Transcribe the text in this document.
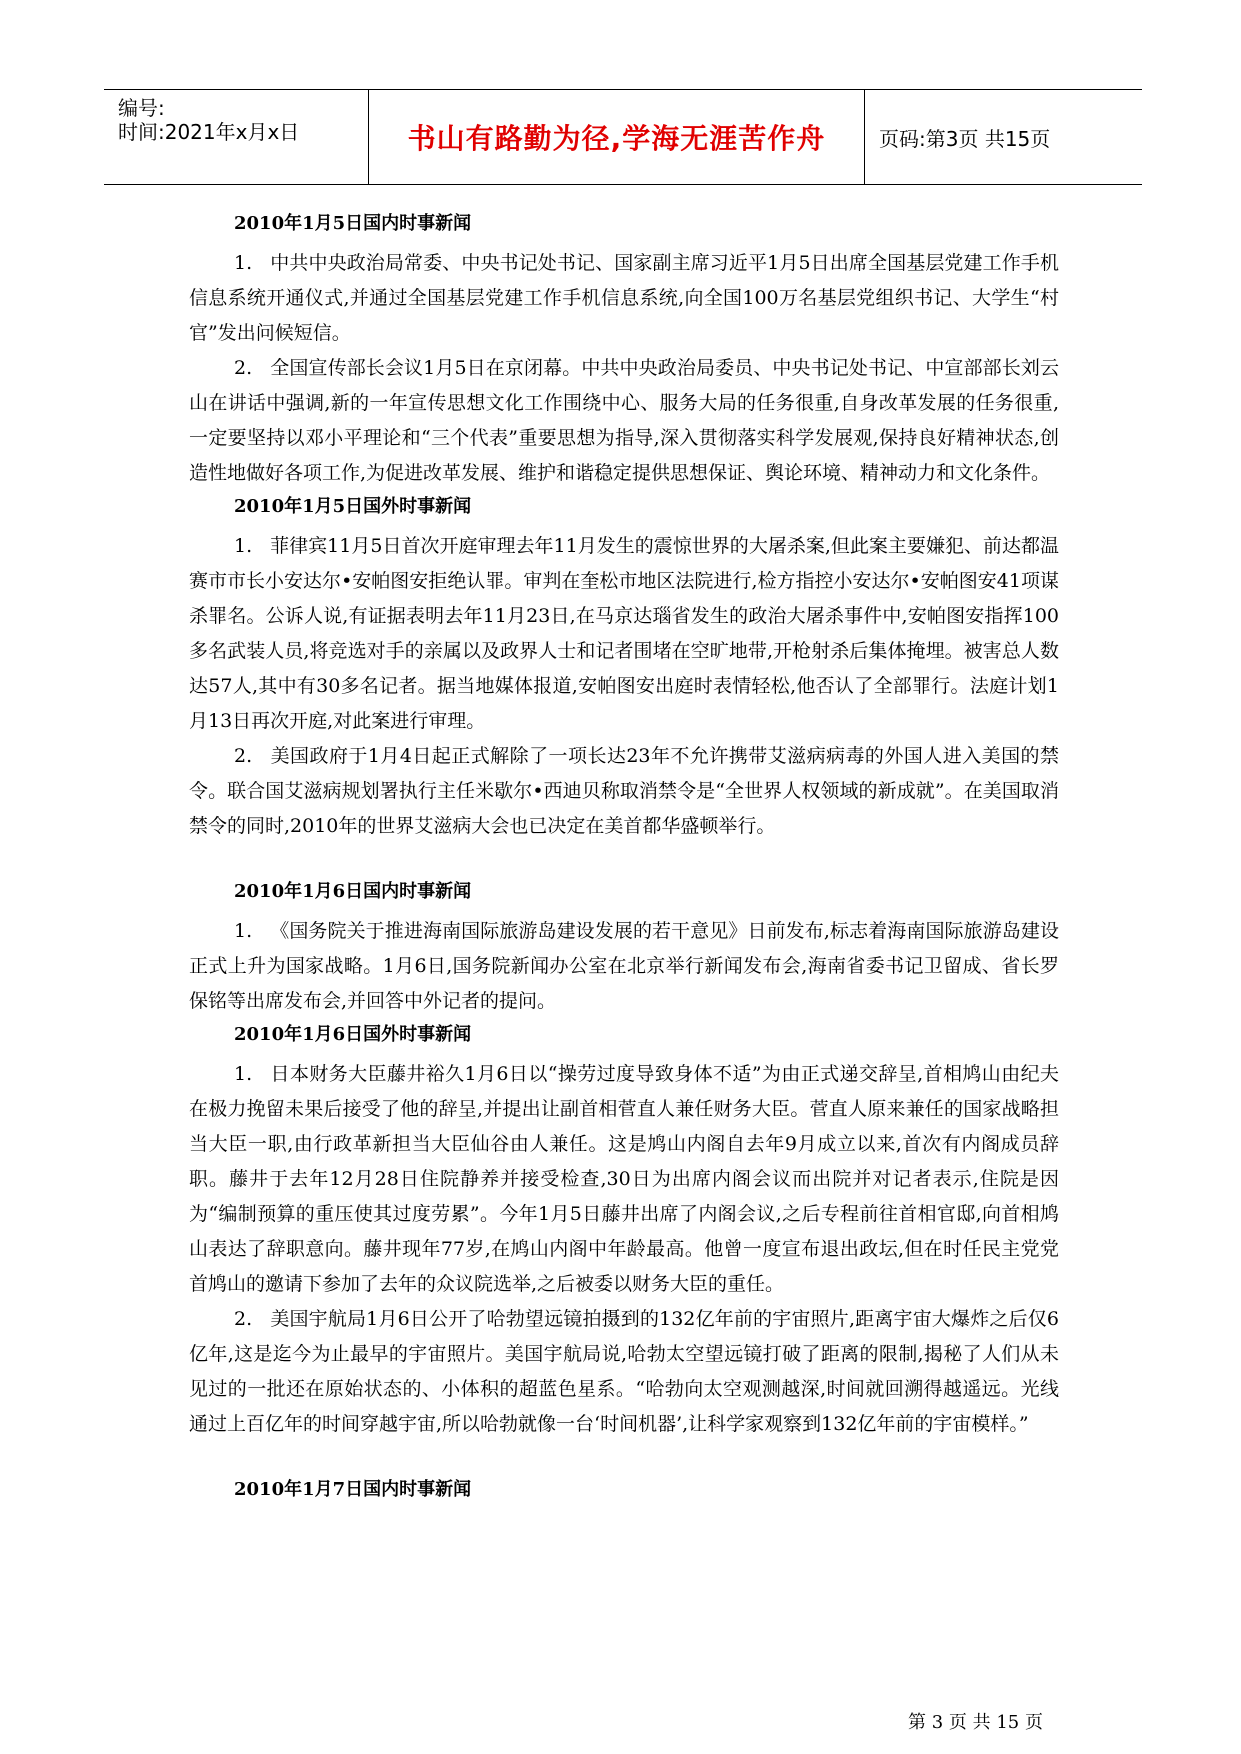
编号:
时间:2021年x月x日	书山有路勤为径,学海无涯苦作舟	页码:第3页 共15页
2010年1月5日国内时事新闻

1. 中共中央政治局常委、中央书记处书记、国家副主席习近平1月5日出席全国基层党建工作手机信息系统开通仪式,并通过全国基层党建工作手机信息系统,向全国100万名基层党组织书记、大学生“村官”发出问候短信。

2. 全国宣传部长会议1月5日在京闭幕。中共中央政治局委员、中央书记处书记、中宣部部长刘云山在讲话中强调,新的一年宣传思想文化工作围绕中心、服务大局的任务很重,自身改革发展的任务很重,一定要坚持以邓小平理论和“三个代表”重要思想为指导,深入贯彻落实科学发展观,保持良好精神状态,创造性地做好各项工作,为促进改革发展、维护和谐稳定提供思想保证、舆论环境、精神动力和文化条件。

2010年1月5日国外时事新闻

1. 菲律宾11月5日首次开庭审理去年11月发生的震惊世界的大屠杀案,但此案主要嫌犯、前达都温赛市市长小安达尔•安帕图安拒绝认罪。审判在奎松市地区法院进行,检方指控小安达尔•安帕图安41项谋杀罪名。公诉人说,有证据表明去年11月23日,在马京达瑙省发生的政治大屠杀事件中,安帕图安指挥100多名武装人员,将竞选对手的亲属以及政界人士和记者围堵在空旷地带,开枪射杀后集体掩埋。被害总人数达57人,其中有30多名记者。据当地媒体报道,安帕图安出庭时表情轻松,他否认了全部罪行。法庭计划1月13日再次开庭,对此案进行审理。

2. 美国政府于1月4日起正式解除了一项长达23年不允许携带艾滋病病毒的外国人进入美国的禁令。联合国艾滋病规划署执行主任米歇尔•西迪贝称取消禁令是“全世界人权领域的新成就”。在美国取消禁令的同时,2010年的世界艾滋病大会也已决定在美首都华盛顿举行。

2010年1月6日国内时事新闻

1. 《国务院关于推进海南国际旅游岛建设发展的若干意见》日前发布,标志着海南国际旅游岛建设正式上升为国家战略。1月6日,国务院新闻办公室在北京举行新闻发布会,海南省委书记卫留成、省长罗保铭等出席发布会,并回答中外记者的提问。

2010年1月6日国外时事新闻

1. 日本财务大臣藤井裕久1月6日以“操劳过度导致身体不适”为由正式递交辞呈,首相鸠山由纪夫在极力挽留未果后接受了他的辞呈,并提出让副首相菅直人兼任财务大臣。菅直人原来兼任的国家战略担当大臣一职,由行政革新担当大臣仙谷由人兼任。这是鸠山内阁自去年9月成立以来,首次有内阁成员辞职。藤井于去年12月28日住院静养并接受检查,30日为出席内阁会议而出院并对记者表示,住院是因为“编制预算的重压使其过度劳累”。今年1月5日藤井出席了内阁会议,之后专程前往首相官邸,向首相鸠山表达了辞职意向。藤井现年77岁,在鸠山内阁中年龄最高。他曾一度宣布退出政坛,但在时任民主党党首鸠山的邀请下参加了去年的众议院选举,之后被委以财务大臣的重任。

2. 美国宇航局1月6日公开了哈勃望远镜拍摄到的132亿年前的宇宙照片,距离宇宙大爆炸之后仅6亿年,这是迄今为止最早的宇宙照片。美国宇航局说,哈勃太空望远镜打破了距离的限制,揭秘了人们从未见过的一批还在原始状态的、小体积的超蓝色星系。“哈勃向太空观测越深,时间就回溯得越遥远。光线通过上百亿年的时间穿越宇宙,所以哈勃就像一台‘时间机器’,让科学家观察到132亿年前的宇宙模样。”

2010年1月7日国内时事新闻
第 3 页 共 15 页
